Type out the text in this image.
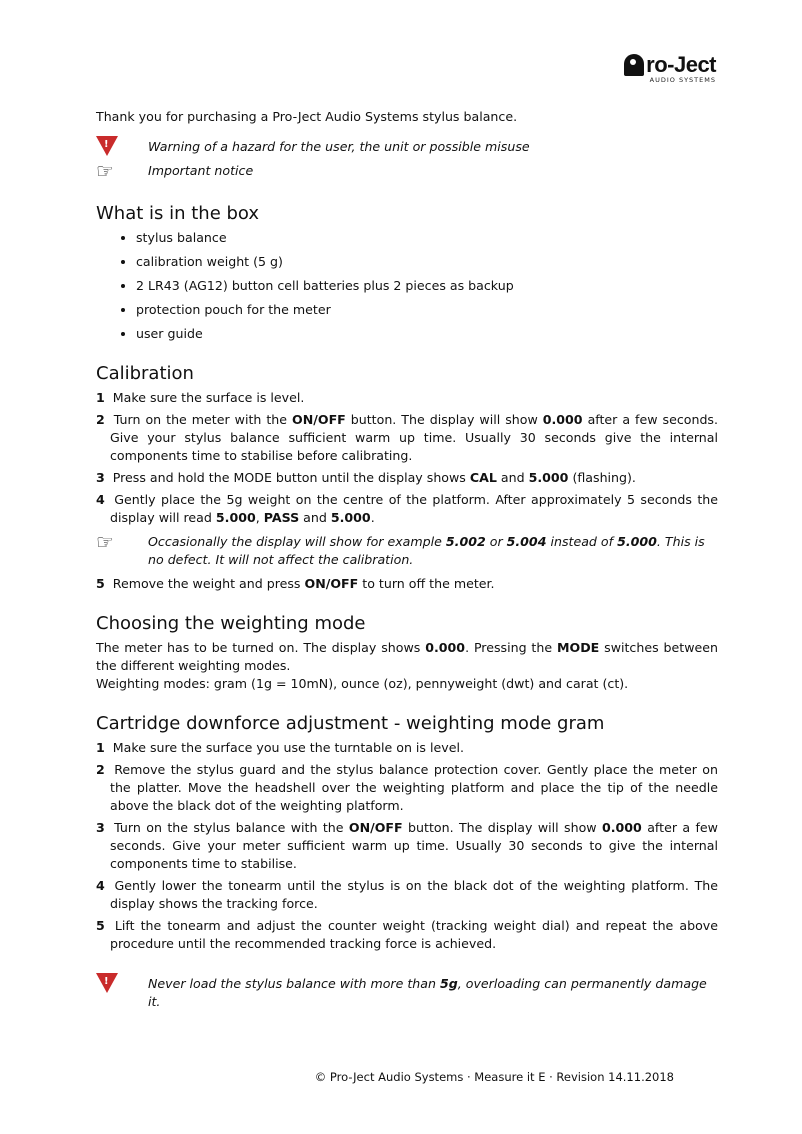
ro-Ject
AUDIO SYSTEMS

Thank you for purchasing a Pro-Ject Audio Systems stylus balance.

!	Warning of a hazard for the user, the unit or possible misuse
☞	Important notice
What is in the box
• stylus balance
• calibration weight (5 g)
• 2 LR43 (AG12) button cell batteries plus 2 pieces as backup
• protection pouch for the meter
• user guide
Calibration

1 Make sure the surface is level.

2 Turn on the meter with the ON/OFF button. The display will show 0.000 after a few seconds. Give your stylus balance sufficient warm up time. Usually 30 seconds give the internal components time to stabilise before calibrating.

3 Press and hold the MODE button until the display shows CAL and 5.000 (flashing).

4 Gently place the 5g weight on the centre of the platform. After approximately 5 seconds the display will read 5.000, PASS and 5.000.

☞	Occasionally the display will show for example 5.002 or 5.004 instead of 5.000. This is no defect. It will not affect the calibration.

5 Remove the weight and press ON/OFF to turn off the meter.

Choosing the weighting mode

The meter has to be turned on. The display shows 0.000. Pressing the MODE switches between the different weighting modes.

Weighting modes: gram (1g = 10mN), ounce (oz), pennyweight (dwt) and carat (ct).

Cartridge downforce adjustment - weighting mode gram

1 Make sure the surface you use the turntable on is level.

2 Remove the stylus guard and the stylus balance protection cover. Gently place the meter on the platter. Move the headshell over the weighting platform and place the tip of the needle above the black dot of the weighting platform.

3 Turn on the stylus balance with the ON/OFF button. The display will show 0.000 after a few seconds. Give your meter sufficient warm up time. Usually 30 seconds to give the internal components time to stabilise.

4 Gently lower the tonearm until the stylus is on the black dot of the weighting platform. The display shows the tracking force.

5 Lift the tonearm and adjust the counter weight (tracking weight dial) and repeat the above procedure until the recommended tracking force is achieved.

!	Never load the stylus balance with more than 5g, overloading can permanently damage it.
© Pro-Ject Audio Systems · Measure it E · Revision 14.11.2018
